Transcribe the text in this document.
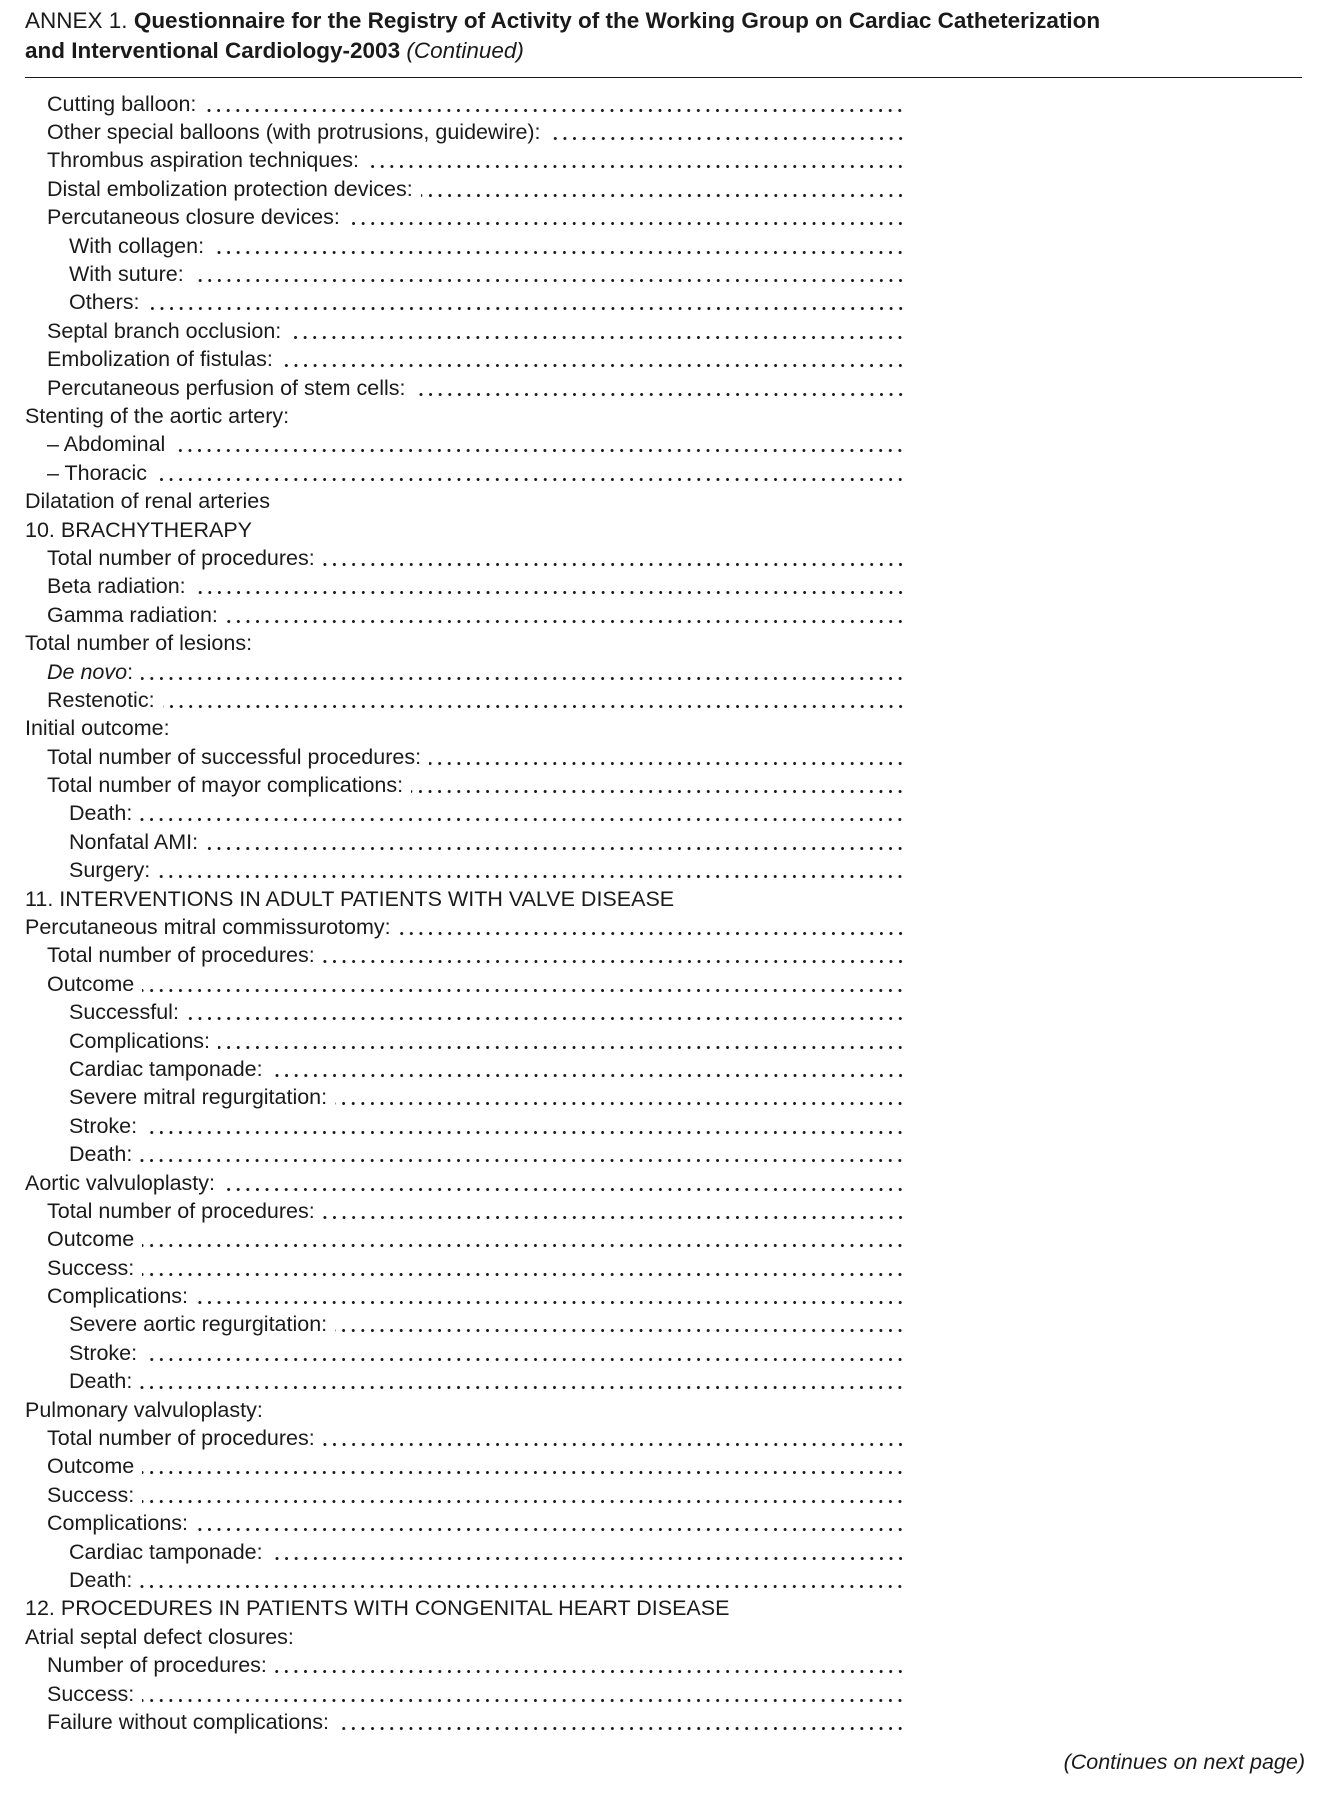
ANNEX 1. Questionnaire for the Registry of Activity of the Working Group on Cardiac Catheterization
and Interventional Cardiology-2003 (Continued)
Cutting balloon:
Other special balloons (with protrusions, guidewire):
Thrombus aspiration techniques:
Distal embolization protection devices:
Percutaneous closure devices:
With collagen:
With suture:
Others:
Septal branch occlusion:
Embolization of fistulas:
Percutaneous perfusion of stem cells:
Stenting of the aortic artery:
– Abdominal
– Thoracic
Dilatation of renal arteries
10. BRACHYTHERAPY
Total number of procedures:
Beta radiation:
Gamma radiation:
Total number of lesions:
De novo :
Restenotic:
Initial outcome:
Total number of successful procedures:
Total number of mayor complications:
Death:
Nonfatal AMI:
Surgery:
11. INTERVENTIONS IN ADULT PATIENTS WITH VALVE DISEASE
Percutaneous mitral commissurotomy:
Total number of procedures:
Outcome
Successful:
Complications:
Cardiac tamponade:
Severe mitral regurgitation:
Stroke:
Death:
Aortic valvuloplasty:
Total number of procedures:
Outcome
Success:
Complications:
Severe aortic regurgitation:
Stroke:
Death:
Pulmonary valvuloplasty:
Total number of procedures:
Outcome
Success:
Complications:
Cardiac tamponade:
Death:
12. PROCEDURES IN PATIENTS WITH CONGENITAL HEART DISEASE
Atrial septal defect closures:
Number of procedures:
Success:
Failure without complications:
(Continues on next page)
